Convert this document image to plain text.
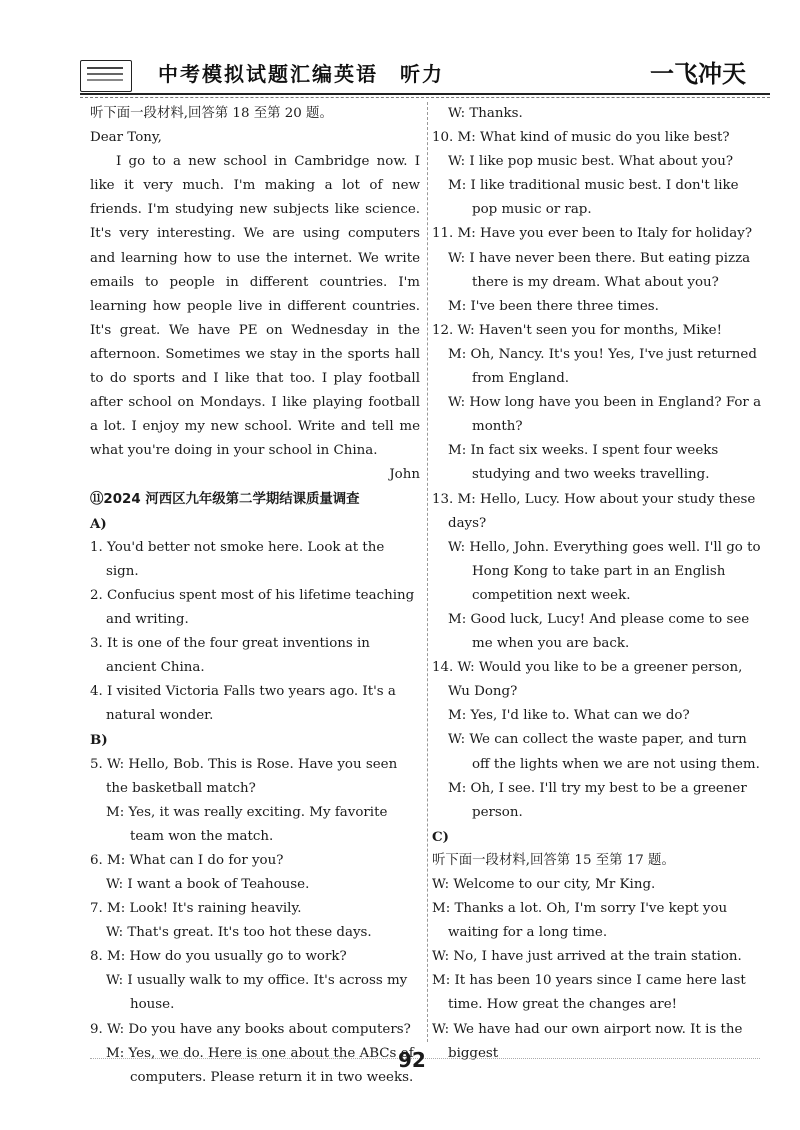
中考模拟试题汇编英语　听力	一飞冲天

听下面一段材料,回答第 18 至第 20 题。

Dear Tony,

I go to a new school in Cambridge now. I like it very much. I'm making a lot of new friends. I'm studying new subjects like science. It's very interesting. We are using computers and learning how to use the internet. We write emails to people in different countries. I'm learning how people live in different countries. It's great. We have PE on Wednesday in the afternoon. Sometimes we stay in the sports hall to do sports and I like that too. I play football after school on Mondays. I like playing football a lot. I enjoy my new school. Write and tell me what you're doing in your school in China.

John

⑪2024 河西区九年级第二学期结课质量调查

A)

1. You'd better not smoke here. Look at the sign.

2. Confucius spent most of his lifetime teaching and writing.

3. It is one of the four great inventions in ancient China.

4. I visited Victoria Falls two years ago. It's a natural wonder.

B)

5. W: Hello, Bob. This is Rose. Have you seen the basketball match?

M: Yes, it was really exciting. My favorite team won the match.

6. M: What can I do for you?

W: I want a book of Teahouse.

7. M: Look! It's raining heavily.

W: That's great. It's too hot these days.

8. M: How do you usually go to work?

W: I usually walk to my office. It's across my house.

9. W: Do you have any books about computers?

M: Yes, we do. Here is one about the ABCs of computers. Please return it in two weeks.

W: Thanks.

10. M: What kind of music do you like best?

W: I like pop music best. What about you?

M: I like traditional music best. I don't like pop music or rap.

11. M: Have you ever been to Italy for holiday?

W: I have never been there. But eating pizza there is my dream. What about you?

M: I've been there three times.

12. W: Haven't seen you for months, Mike!

M: Oh, Nancy. It's you! Yes, I've just returned from England.

W: How long have you been in England? For a month?

M: In fact six weeks. I spent four weeks studying and two weeks travelling.

13. M: Hello, Lucy. How about your study these days?

W: Hello, John. Everything goes well. I'll go to Hong Kong to take part in an English competition next week.

M: Good luck, Lucy! And please come to see me when you are back.

14. W: Would you like to be a greener person, Wu Dong?

M: Yes, I'd like to. What can we do?

W: We can collect the waste paper, and turn off the lights when we are not using them.

M: Oh, I see. I'll try my best to be a greener person.

C)

听下面一段材料,回答第 15 至第 17 题。

W: Welcome to our city, Mr King.

M: Thanks a lot. Oh, I'm sorry I've kept you waiting for a long time.

W: No, I have just arrived at the train station.

M: It has been 10 years since I came here last time. How great the changes are!

W: We have had our own airport now. It is the biggest

92
